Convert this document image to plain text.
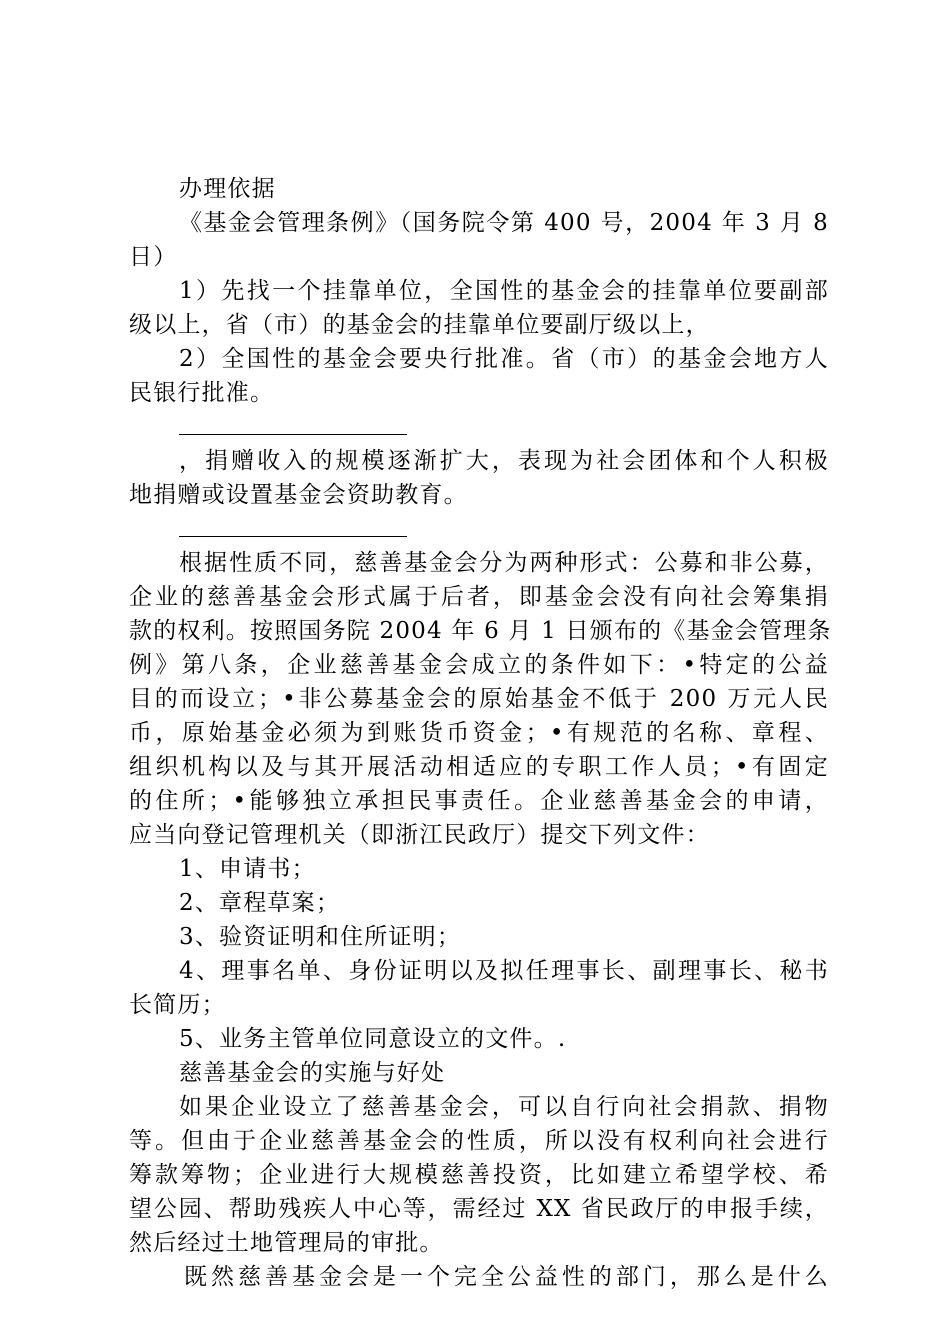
办理依据
《基金会管理条例》（国务院令第 400 号，2004 年 3 月 8
日）
1）先找一个挂靠单位，全国性的基金会的挂靠单位要副部
级以上，省（市）的基金会的挂靠单位要副厅级以上，
2）全国性的基金会要央行批准。省（市）的基金会地方人
民银行批准。
，捐赠收入的规模逐渐扩大，表现为社会团体和个人积极
地捐赠或设置基金会资助教育。
根据性质不同，慈善基金会分为两种形式：公募和非公募，
企业的慈善基金会形式属于后者，即基金会没有向社会筹集捐
款的权利。按照国务院 2004 年 6 月 1 日颁布的《基金会管理条
例》第八条，企业慈善基金会成立的条件如下：•特定的公益
目的而设立；•非公募基金会的原始基金不低于 200 万元人民
币，原始基金必须为到账货币资金；•有规范的名称、章程、
组织机构以及与其开展活动相适应的专职工作人员；•有固定
的住所；•能够独立承担民事责任。企业慈善基金会的申请，
应当向登记管理机关（即浙江民政厅）提交下列文件：
1、申请书；
2、章程草案；
3、验资证明和住所证明；
4、理事名单、身份证明以及拟任理事长、副理事长、秘书
长简历；
5、业务主管单位同意设立的文件。.
慈善基金会的实施与好处
如果企业设立了慈善基金会，可以自行向社会捐款、捐物
等。但由于企业慈善基金会的性质，所以没有权利向社会进行
筹款筹物；企业进行大规模慈善投资，比如建立希望学校、希
望公园、帮助残疾人中心等，需经过 XX 省民政厅的申报手续，
然后经过土地管理局的审批。
既然慈善基金会是一个完全公益性的部门，那么是什么
